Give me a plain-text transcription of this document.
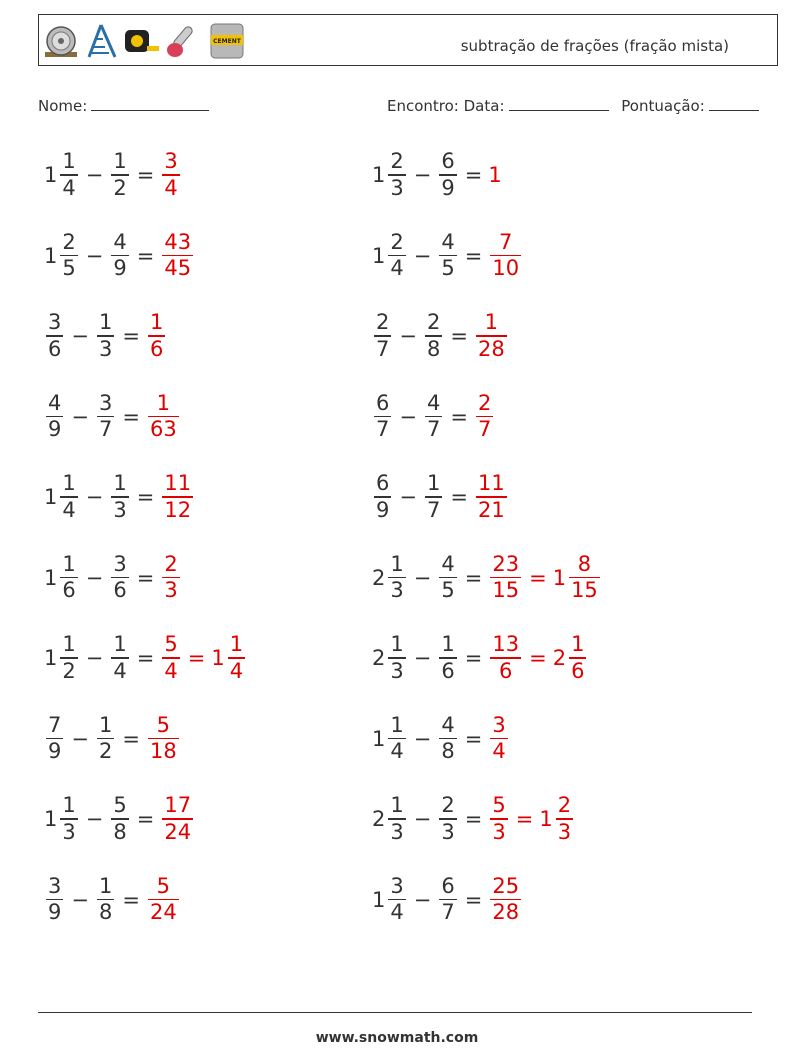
CEMENT	subtração de frações (fração mista)
Nome:	Encontro: Data:	Pontuação:
$1 \frac{1}{4} - \frac{1}{2} = \frac{3}{4}$	$1 \frac{2}{3} - \frac{6}{9} = 1$
$1 \frac{2}{5} - \frac{4}{9} = \frac{43}{45}$	$1 \frac{2}{4} - \frac{4}{5} = \frac{7}{10}$
$\frac{3}{6} - \frac{1}{3} = \frac{1}{6}$	$\frac{2}{7} - \frac{2}{8} = \frac{1}{28}$
$\frac{4}{9} - \frac{3}{7} = \frac{1}{63}$	$\frac{6}{7} - \frac{4}{7} = \frac{2}{7}$
$1 \frac{1}{4} - \frac{1}{3} = \frac{11}{12}$	$\frac{6}{9} - \frac{1}{7} = \frac{11}{21}$
$1 \frac{1}{6} - \frac{3}{6} = \frac{2}{3}$	$2 \frac{1}{3} - \frac{4}{5} = \frac{23}{15} = 1 \frac{8}{15}$
$1 \frac{1}{2} - \frac{1}{4} = \frac{5}{4} = 1 \frac{1}{4}$	$2 \frac{1}{3} - \frac{1}{6} = \frac{13}{6} = 2 \frac{1}{6}$
$\frac{7}{9} - \frac{1}{2} = \frac{5}{18}$	$1 \frac{1}{4} - \frac{4}{8} = \frac{3}{4}$
$1 \frac{1}{3} - \frac{5}{8} = \frac{17}{24}$	$2 \frac{1}{3} - \frac{2}{3} = \frac{5}{3} = 1 \frac{2}{3}$
$\frac{3}{9} - \frac{1}{8} = \frac{5}{24}$	$1 \frac{3}{4} - \frac{6}{7} = \frac{25}{28}$
www.snowmath.com
